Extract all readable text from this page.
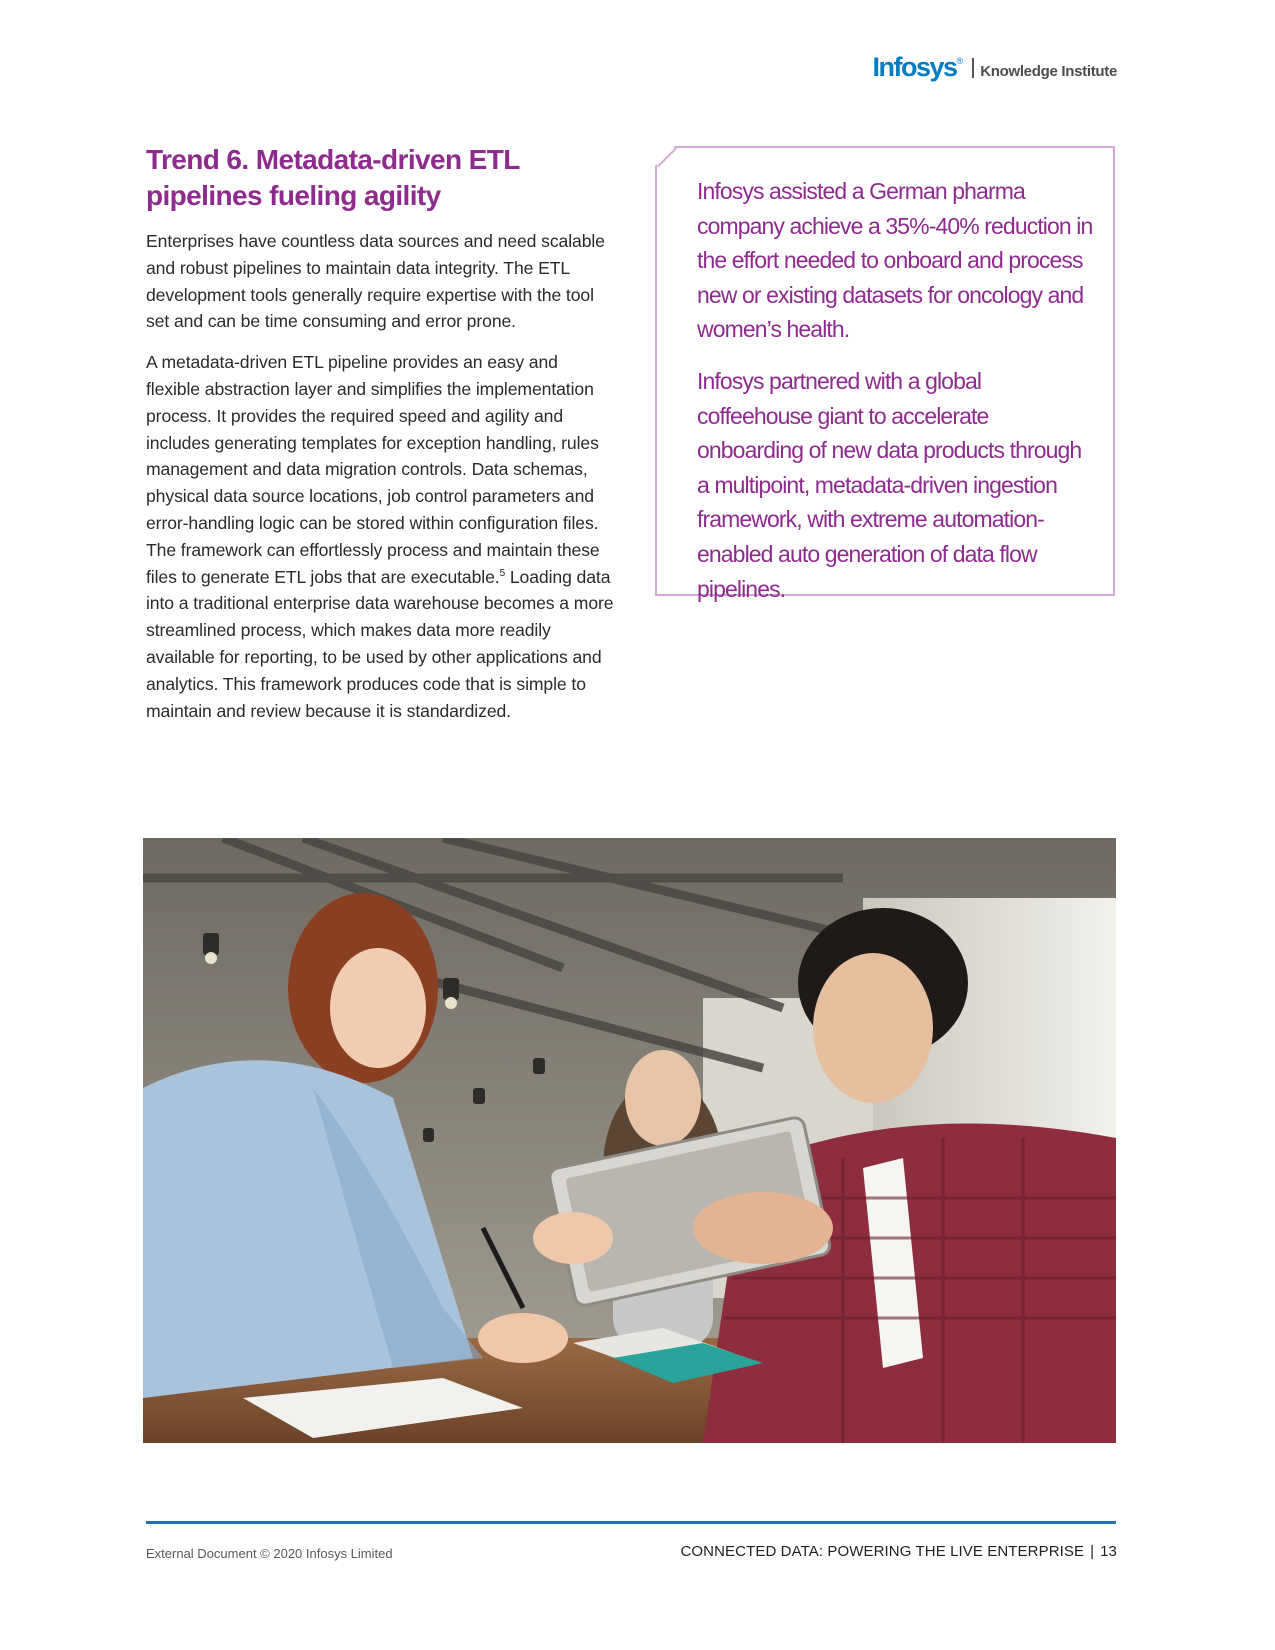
Infosys ®
Knowledge Institute
Trend 6. Metadata-driven ETL pipelines fueling agility

Enterprises have countless data sources and need scalable and robust pipelines to maintain data integrity. The ETL development tools generally require expertise with the tool set and can be time consuming and error prone.

A metadata-driven ETL pipeline provides an easy and flexible abstraction layer and simplifies the implementation process. It provides the required speed and agility and includes generating templates for exception handling, rules management and data migration controls. Data schemas, physical data source locations, job control parameters and error-handling logic can be stored within configuration files. The framework can effortlessly process and maintain these files to generate ETL jobs that are executable.$^5$ Loading data into a traditional enterprise data warehouse becomes a more streamlined process, which makes data more readily available for reporting, to be used by other applications and analytics. This framework produces code that is simple to maintain and review because it is standardized.

Infosys assisted a German pharma company achieve a 35%-40% reduction in the effort needed to onboard and process new or existing datasets for oncology and women’s health.

Infosys partnered with a global coffeehouse giant to accelerate onboarding of new data products through a multipoint, metadata-driven ingestion framework, with extreme automation-enabled auto generation of data flow pipelines.

External Document © 2020 Infosys Limited	CONNECTED DATA: POWERING THE LIVE ENTERPRISE | 13
